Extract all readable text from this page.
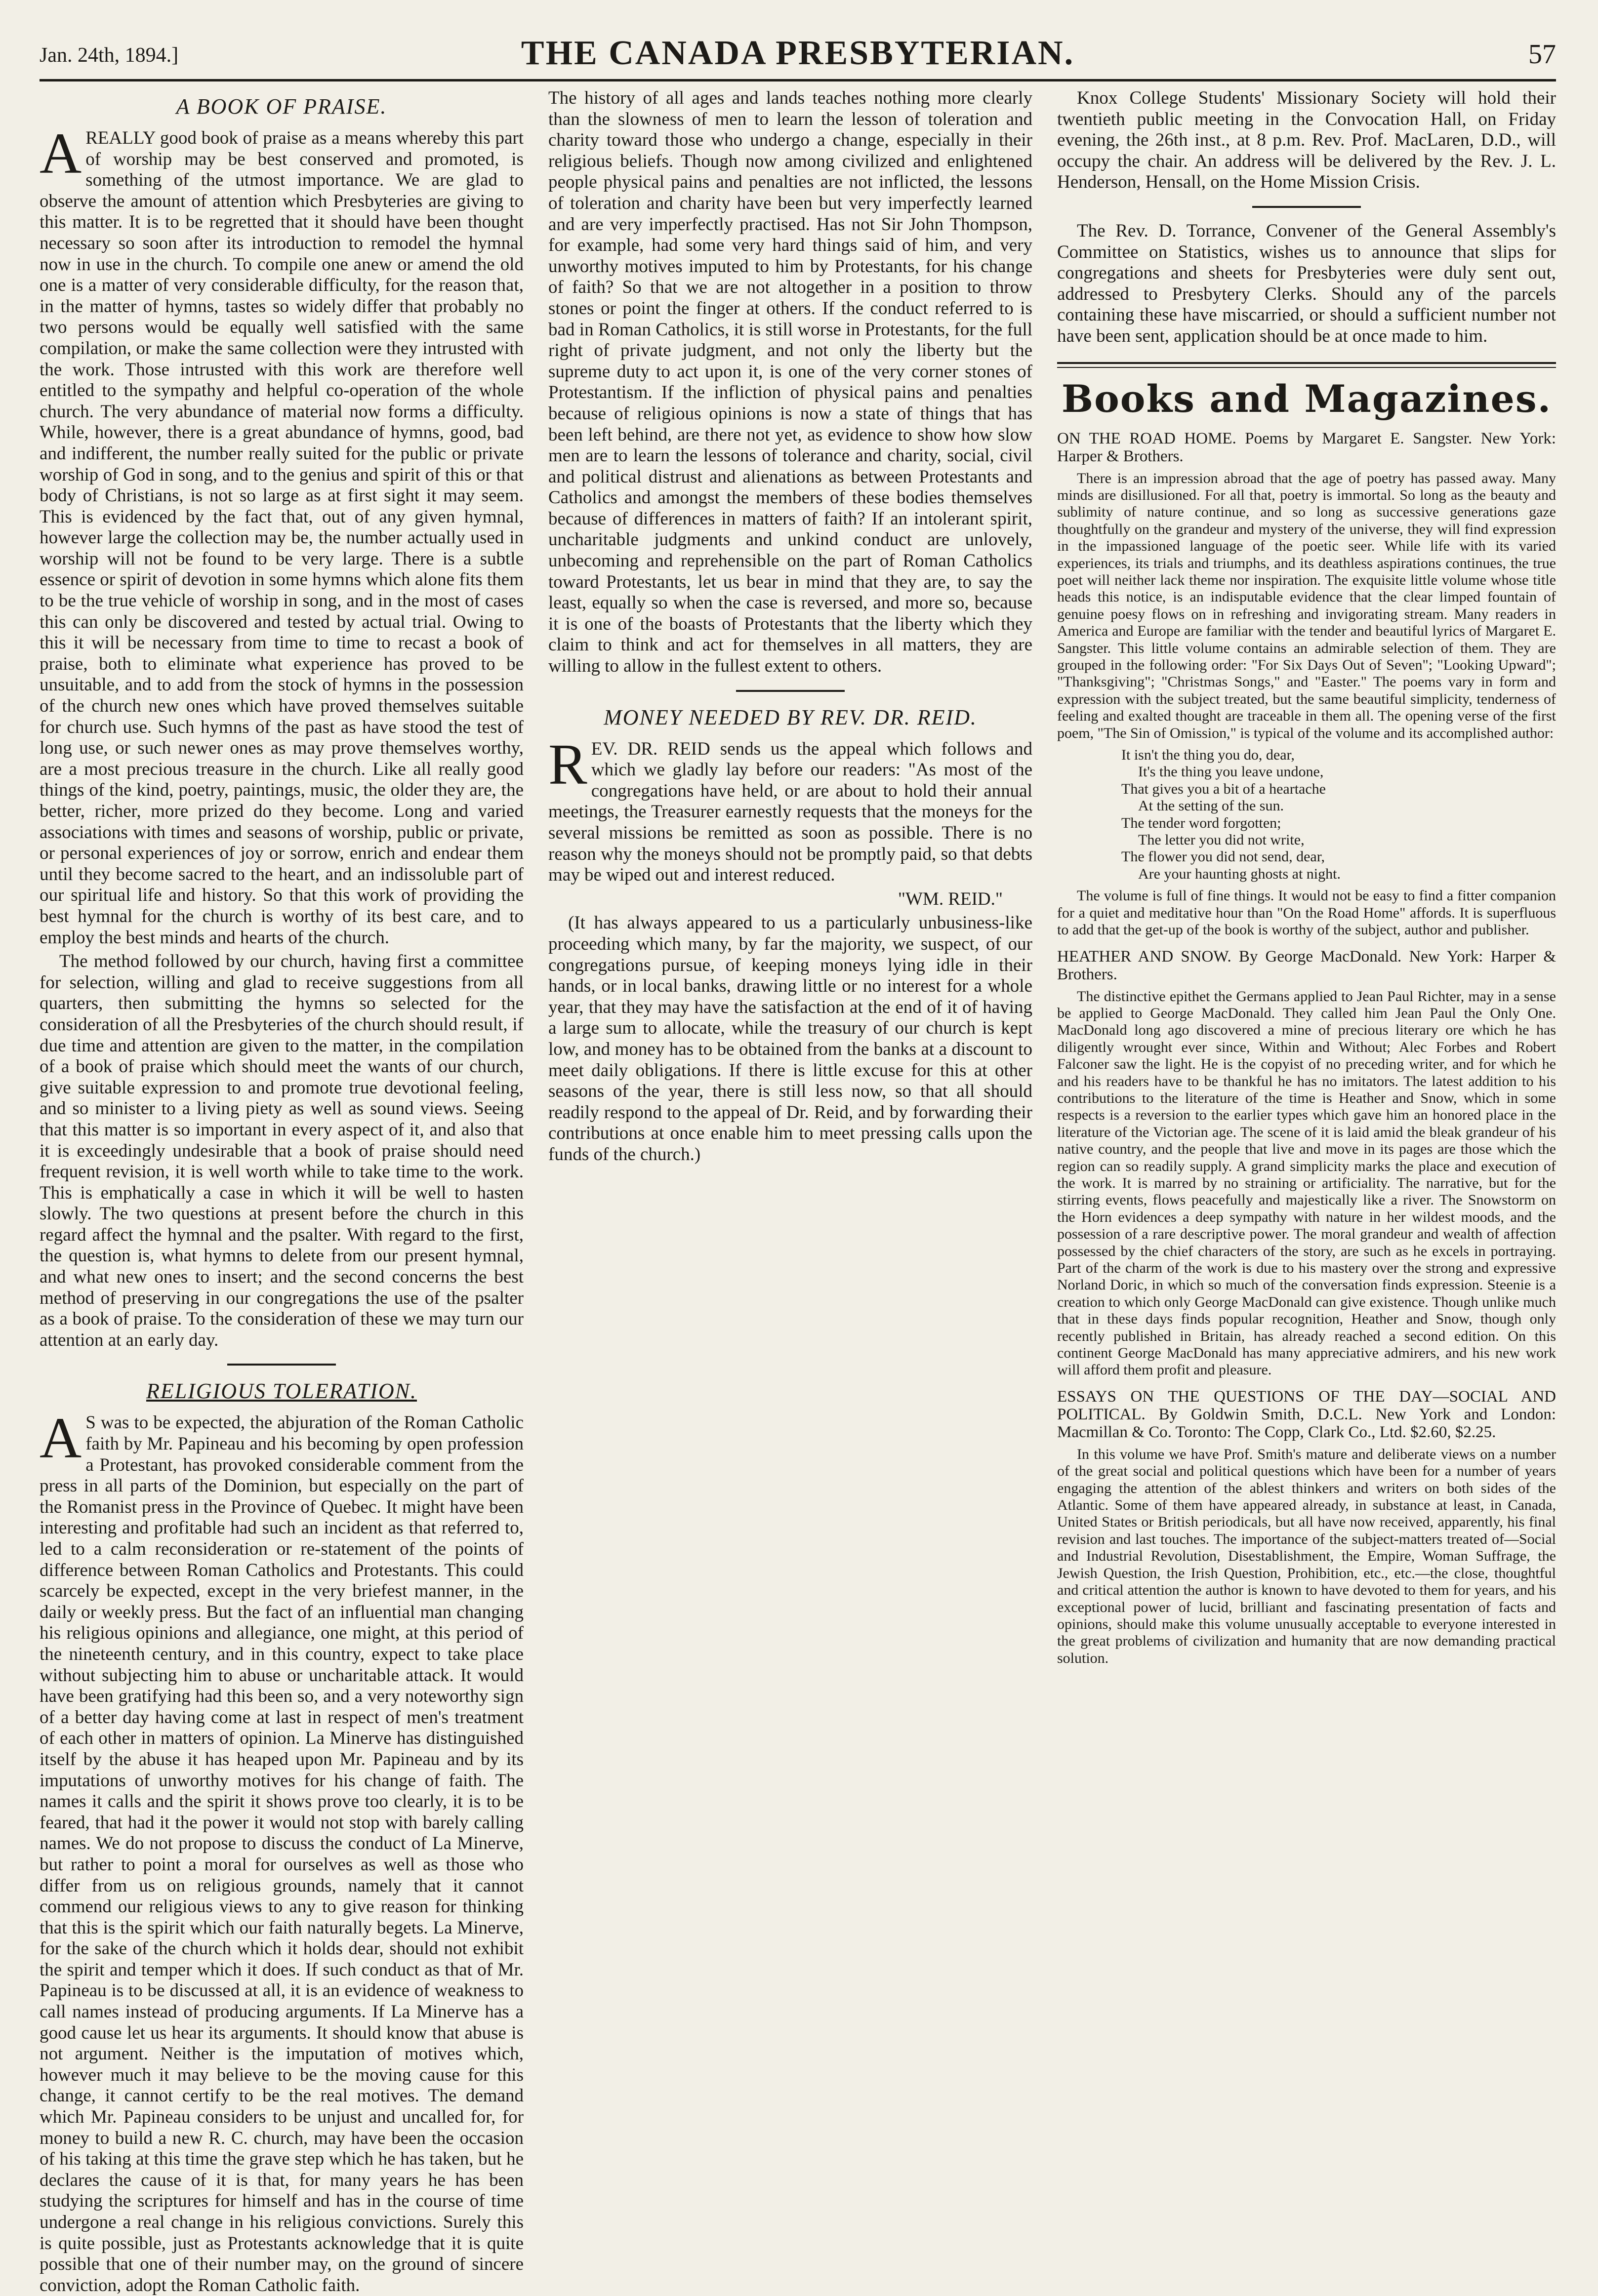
Jan. 24th, 1894.]	THE CANADA PRESBYTERIAN.	57
A BOOK OF PRAISE.

AREALLY good book of praise as a means whereby this part of worship may be best conserved and promoted, is something of the utmost importance. We are glad to observe the amount of attention which Presbyteries are giving to this matter. It is to be regretted that it should have been thought necessary so soon after its introduction to remodel the hymnal now in use in the church. To compile one anew or amend the old one is a matter of very considerable difficulty, for the reason that, in the matter of hymns, tastes so widely differ that probably no two persons would be equally well satisfied with the same compilation, or make the same collection were they intrusted with the work. Those intrusted with this work are therefore well entitled to the sympathy and helpful co-operation of the whole church. The very abundance of material now forms a difficulty. While, however, there is a great abundance of hymns, good, bad and indifferent, the number really suited for the public or private worship of God in song, and to the genius and spirit of this or that body of Christians, is not so large as at first sight it may seem. This is evidenced by the fact that, out of any given hymnal, however large the collection may be, the number actually used in worship will not be found to be very large. There is a subtle essence or spirit of devotion in some hymns which alone fits them to be the true vehicle of worship in song, and in the most of cases this can only be discovered and tested by actual trial. Owing to this it will be necessary from time to time to recast a book of praise, both to eliminate what experience has proved to be unsuitable, and to add from the stock of hymns in the possession of the church new ones which have proved themselves suitable for church use. Such hymns of the past as have stood the test of long use, or such newer ones as may prove themselves worthy, are a most precious treasure in the church. Like all really good things of the kind, poetry, paintings, music, the older they are, the better, richer, more prized do they become. Long and varied associations with times and seasons of worship, public or private, or personal experiences of joy or sorrow, enrich and endear them until they become sacred to the heart, and an indissoluble part of our spiritual life and history. So that this work of providing the best hymnal for the church is worthy of its best care, and to employ the best minds and hearts of the church.

The method followed by our church, having first a committee for selection, willing and glad to receive suggestions from all quarters, then submitting the hymns so selected for the consideration of all the Presbyteries of the church should result, if due time and attention are given to the matter, in the compilation of a book of praise which should meet the wants of our church, give suitable expression to and promote true devotional feeling, and so minister to a living piety as well as sound views. Seeing that this matter is so important in every aspect of it, and also that it is exceedingly undesirable that a book of praise should need frequent revision, it is well worth while to take time to the work. This is emphatically a case in which it will be well to hasten slowly. The two questions at present before the church in this regard affect the hymnal and the psalter. With regard to the first, the question is, what hymns to delete from our present hymnal, and what new ones to insert; and the second concerns the best method of preserving in our congregations the use of the psalter as a book of praise. To the consideration of these we may turn our attention at an early day.

RELIGIOUS TOLERATION.

AS was to be expected, the abjuration of the Roman Catholic faith by Mr. Papineau and his becoming by open profession a Protestant, has provoked considerable comment from the press in all parts of the Dominion, but especially on the part of the Romanist press in the Province of Quebec. It might have been interesting and profitable had such an incident as that referred to, led to a calm reconsideration or re-statement of the points of difference between Roman Catholics and Protestants. This could scarcely be expected, except in the very briefest manner, in the daily or weekly press. But the fact of an influential man changing his religious opinions and allegiance, one might, at this period of the nineteenth century, and in this country, expect to take place without subjecting him to abuse or uncharitable attack. It would have been gratifying had this been so, and a very noteworthy sign of a better day having come at last in respect of men's treatment of each other in matters of opinion. La Minerve has distinguished itself by the abuse it has heaped upon Mr. Papineau and by its imputations of unworthy motives for his change of faith. The names it calls and the spirit it shows prove too clearly, it is to be feared, that had it the power it would not stop with barely calling names. We do not propose to discuss the conduct of La Minerve, but rather to point a moral for ourselves as well as those who differ from us on religious grounds, namely that it cannot commend our religious views to any to give reason for thinking that this is the spirit which our faith naturally begets. La Minerve, for the sake of the church which it holds dear, should not exhibit the spirit and temper which it does. If such conduct as that of Mr. Papineau is to be discussed at all, it is an evidence of weakness to call names instead of producing arguments. If La Minerve has a good cause let us hear its arguments. It should know that abuse is not argument. Neither is the imputation of motives which, however much it may believe to be the moving cause for this change, it cannot certify to be the real motives. The demand which Mr. Papineau considers to be unjust and uncalled for, for money to build a new R. C. church, may have been the occasion of his taking at this time the grave step which he has taken, but he declares the cause of it is that, for many years he has been studying the scriptures for himself and has in the course of time undergone a real change in his religious convictions. Surely this is quite possible, just as Protestants acknowledge that it is quite possible that one of their number may, on the ground of sincere conviction, adopt the Roman Catholic faith.

The history of all ages and lands teaches nothing more clearly than the slowness of men to learn the lesson of toleration and charity toward those who undergo a change, especially in their religious beliefs. Though now among civilized and enlightened people physical pains and penalties are not inflicted, the lessons of toleration and charity have been but very imperfectly learned and are very imperfectly practised. Has not Sir John Thompson, for example, had some very hard things said of him, and very unworthy motives imputed to him by Protestants, for his change of faith? So that we are not altogether in a position to throw stones or point the finger at others. If the conduct referred to is bad in Roman Catholics, it is still worse in Protestants, for the full right of private judgment, and not only the liberty but the supreme duty to act upon it, is one of the very corner stones of Protestantism. If the infliction of physical pains and penalties because of religious opinions is now a state of things that has been left behind, are there not yet, as evidence to show how slow men are to learn the lessons of tolerance and charity, social, civil and political distrust and alienations as between Protestants and Catholics and amongst the members of these bodies themselves because of differences in matters of faith? If an intolerant spirit, uncharitable judgments and unkind conduct are unlovely, unbecoming and reprehensible on the part of Roman Catholics toward Protestants, let us bear in mind that they are, to say the least, equally so when the case is reversed, and more so, because it is one of the boasts of Protestants that the liberty which they claim to think and act for themselves in all matters, they are willing to allow in the fullest extent to others.

MONEY NEEDED BY REV. DR. REID.

REV. DR. REID sends us the appeal which follows and which we gladly lay before our readers: "As most of the congregations have held, or are about to hold their annual meetings, the Treasurer earnestly requests that the moneys for the several missions be remitted as soon as possible. There is no reason why the moneys should not be promptly paid, so that debts may be wiped out and interest reduced.

"WM. REID."

(It has always appeared to us a particularly unbusiness-like proceeding which many, by far the majority, we suspect, of our congregations pursue, of keeping moneys lying idle in their hands, or in local banks, drawing little or no interest for a whole year, that they may have the satisfaction at the end of it of having a large sum to allocate, while the treasury of our church is kept low, and money has to be obtained from the banks at a discount to meet daily obligations. If there is little excuse for this at other seasons of the year, there is still less now, so that all should readily respond to the appeal of Dr. Reid, and by forwarding their contributions at once enable him to meet pressing calls upon the funds of the church.)

Knox College Students' Missionary Society will hold their twentieth public meeting in the Convocation Hall, on Friday evening, the 26th inst., at 8 p.m. Rev. Prof. MacLaren, D.D., will occupy the chair. An address will be delivered by the Rev. J. L. Henderson, Hensall, on the Home Mission Crisis.

The Rev. D. Torrance, Convener of the General Assembly's Committee on Statistics, wishes us to announce that slips for congregations and sheets for Presbyteries were duly sent out, addressed to Presbytery Clerks. Should any of the parcels containing these have miscarried, or should a sufficient number not have been sent, application should be at once made to him.

Books and Magazines.
ON THE ROAD HOME. Poems by Margaret E. Sangster. New York: Harper & Brothers.

There is an impression abroad that the age of poetry has passed away. Many minds are disillusioned. For all that, poetry is immortal. So long as the beauty and sublimity of nature continue, and so long as successive generations gaze thoughtfully on the grandeur and mystery of the universe, they will find expression in the impassioned language of the poetic seer. While life with its varied experiences, its trials and triumphs, and its deathless aspirations continues, the true poet will neither lack theme nor inspiration. The exquisite little volume whose title heads this notice, is an indisputable evidence that the clear limped fountain of genuine poesy flows on in refreshing and invigorating stream. Many readers in America and Europe are familiar with the tender and beautiful lyrics of Margaret E. Sangster. This little volume contains an admirable selection of them. They are grouped in the following order: "For Six Days Out of Seven"; "Looking Upward"; "Thanksgiving"; "Christmas Songs," and "Easter." The poems vary in form and expression with the subject treated, but the same beautiful simplicity, tenderness of feeling and exalted thought are traceable in them all. The opening verse of the first poem, "The Sin of Omission," is typical of the volume and its accomplished author:

It isn't the thing you do, dear,
It's the thing you leave undone,
That gives you a bit of a heartache
At the setting of the sun.
The tender word forgotten;
The letter you did not write,
The flower you did not send, dear,
Are your haunting ghosts at night.

The volume is full of fine things. It would not be easy to find a fitter companion for a quiet and meditative hour than "On the Road Home" affords. It is superfluous to add that the get-up of the book is worthy of the subject, author and publisher.

HEATHER AND SNOW. By George MacDonald. New York: Harper & Brothers.

The distinctive epithet the Germans applied to Jean Paul Richter, may in a sense be applied to George MacDonald. They called him Jean Paul the Only One. MacDonald long ago discovered a mine of precious literary ore which he has diligently wrought ever since, Within and Without; Alec Forbes and Robert Falconer saw the light. He is the copyist of no preceding writer, and for which he and his readers have to be thankful he has no imitators. The latest addition to his contributions to the literature of the time is Heather and Snow, which in some respects is a reversion to the earlier types which gave him an honored place in the literature of the Victorian age. The scene of it is laid amid the bleak grandeur of his native country, and the people that live and move in its pages are those which the region can so readily supply. A grand simplicity marks the place and execution of the work. It is marred by no straining or artificiality. The narrative, but for the stirring events, flows peacefully and majestically like a river. The Snowstorm on the Horn evidences a deep sympathy with nature in her wildest moods, and the possession of a rare descriptive power. The moral grandeur and wealth of affection possessed by the chief characters of the story, are such as he excels in portraying. Part of the charm of the work is due to his mastery over the strong and expressive Norland Doric, in which so much of the conversation finds expression. Steenie is a creation to which only George MacDonald can give existence. Though unlike much that in these days finds popular recognition, Heather and Snow, though only recently published in Britain, has already reached a second edition. On this continent George MacDonald has many appreciative admirers, and his new work will afford them profit and pleasure.

ESSAYS ON THE QUESTIONS OF THE DAY—SOCIAL AND POLITICAL. By Goldwin Smith, D.C.L. New York and London: Macmillan & Co. Toronto: The Copp, Clark Co., Ltd. $2.60, $2.25.

In this volume we have Prof. Smith's mature and deliberate views on a number of the great social and political questions which have been for a number of years engaging the attention of the ablest thinkers and writers on both sides of the Atlantic. Some of them have appeared already, in substance at least, in Canada, United States or British periodicals, but all have now received, apparently, his final revision and last touches. The importance of the subject-matters treated of—Social and Industrial Revolution, Disestablishment, the Empire, Woman Suffrage, the Jewish Question, the Irish Question, Prohibition, etc., etc.—the close, thoughtful and critical attention the author is known to have devoted to them for years, and his exceptional power of lucid, brilliant and fascinating presentation of facts and opinions, should make this volume unusually acceptable to everyone interested in the great problems of civilization and humanity that are now demanding practical solution.
